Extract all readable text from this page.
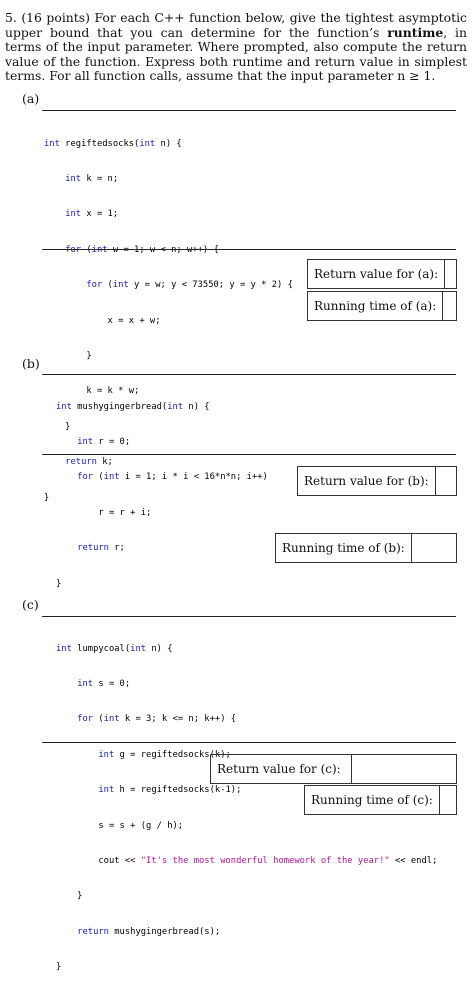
5. (16 points) For each C++ function below, give the tightest asymptotic upper bound that you can determine for the function’s runtime, in terms of the input parameter. Where prompted, also compute the return value of the function. Express both runtime and return value in simplest terms. For all function calls, assume that the input parameter n ≥ 1.
(a)

int regiftedsocks(int n) {

int k = n;

int x = 1;

for (int y = w; y < 73550; y = y * 2) {

x = x + w;

}

k = k * w;

}

return k;

}

Return value for (a):
Running time of (a):
(b)

int mushygingerbread(int n) {

int r = 0;

for (int i = 1; i * i < 16*n*n; i++)

r = r + i;

return r;

}

Return value for (b):
Running time of (b):
(c)

int lumpycoal(int n) {

int s = 0;

for (int k = 3; k <= n; k++) {

int g = regiftedsocks(k);

int h = regiftedsocks(k-1);

s = s + (g / h);

cout << "It's the most wonderful homework of the year!" << endl;

}

return mushygingerbread(s);

}

Return value for (c):
Running time of (c):
